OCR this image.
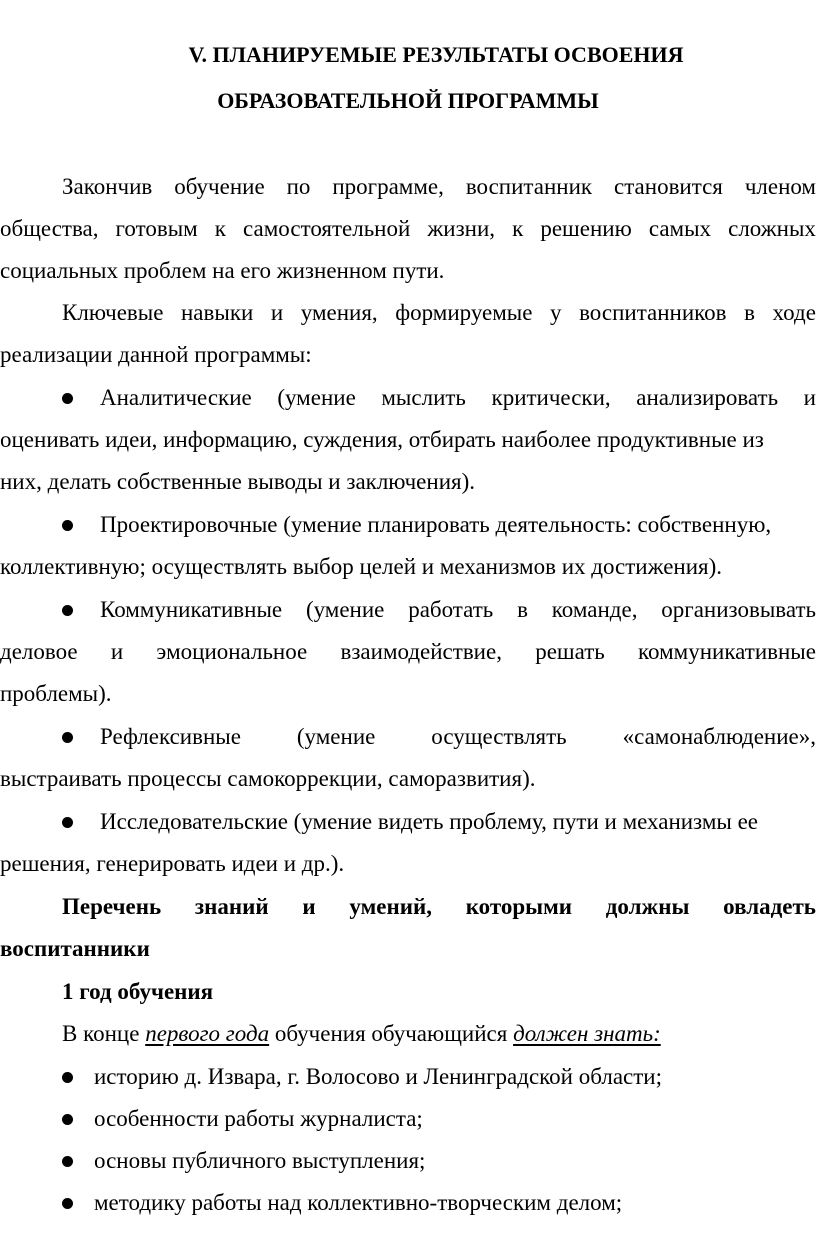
V. ПЛАНИРУЕМЫЕ РЕЗУЛЬТАТЫ ОСВОЕНИЯ
ОБРАЗОВАТЕЛЬНОЙ ПРОГРАММЫ
Закончив обучение по программе, воспитанник становится членом
общества, готовым к самостоятельной жизни, к решению самых сложных
социальных проблем на его жизненном пути.
Ключевые навыки и умения, формируемые у воспитанников в ходе
реализации данной программы:
Аналитические (умение мыслить критически, анализировать и
оценивать идеи, информацию, суждения, отбирать наиболее продуктивные из
них, делать собственные выводы и заключения).
Проектировочные (умение планировать деятельность: собственную,
коллективную; осуществлять выбор целей и механизмов их достижения).
Коммуникативные (умение работать в команде, организовывать
деловое и эмоциональное взаимодействие, решать коммуникативные
проблемы).
Рефлексивные (умение осуществлять «самонаблюдение»,
выстраивать процессы самокоррекции, саморазвития).
Исследовательские (умение видеть проблему, пути и механизмы ее
решения, генерировать идеи и др.).
Перечень знаний и умений, которыми должны овладеть
воспитанники
1 год обучения
В конце первого года обучения обучающийся должен знать:
историю д. Извара, г. Волосово и Ленинградской области;
особенности работы журналиста;
основы публичного выступления;
методику работы над коллективно-творческим делом;
